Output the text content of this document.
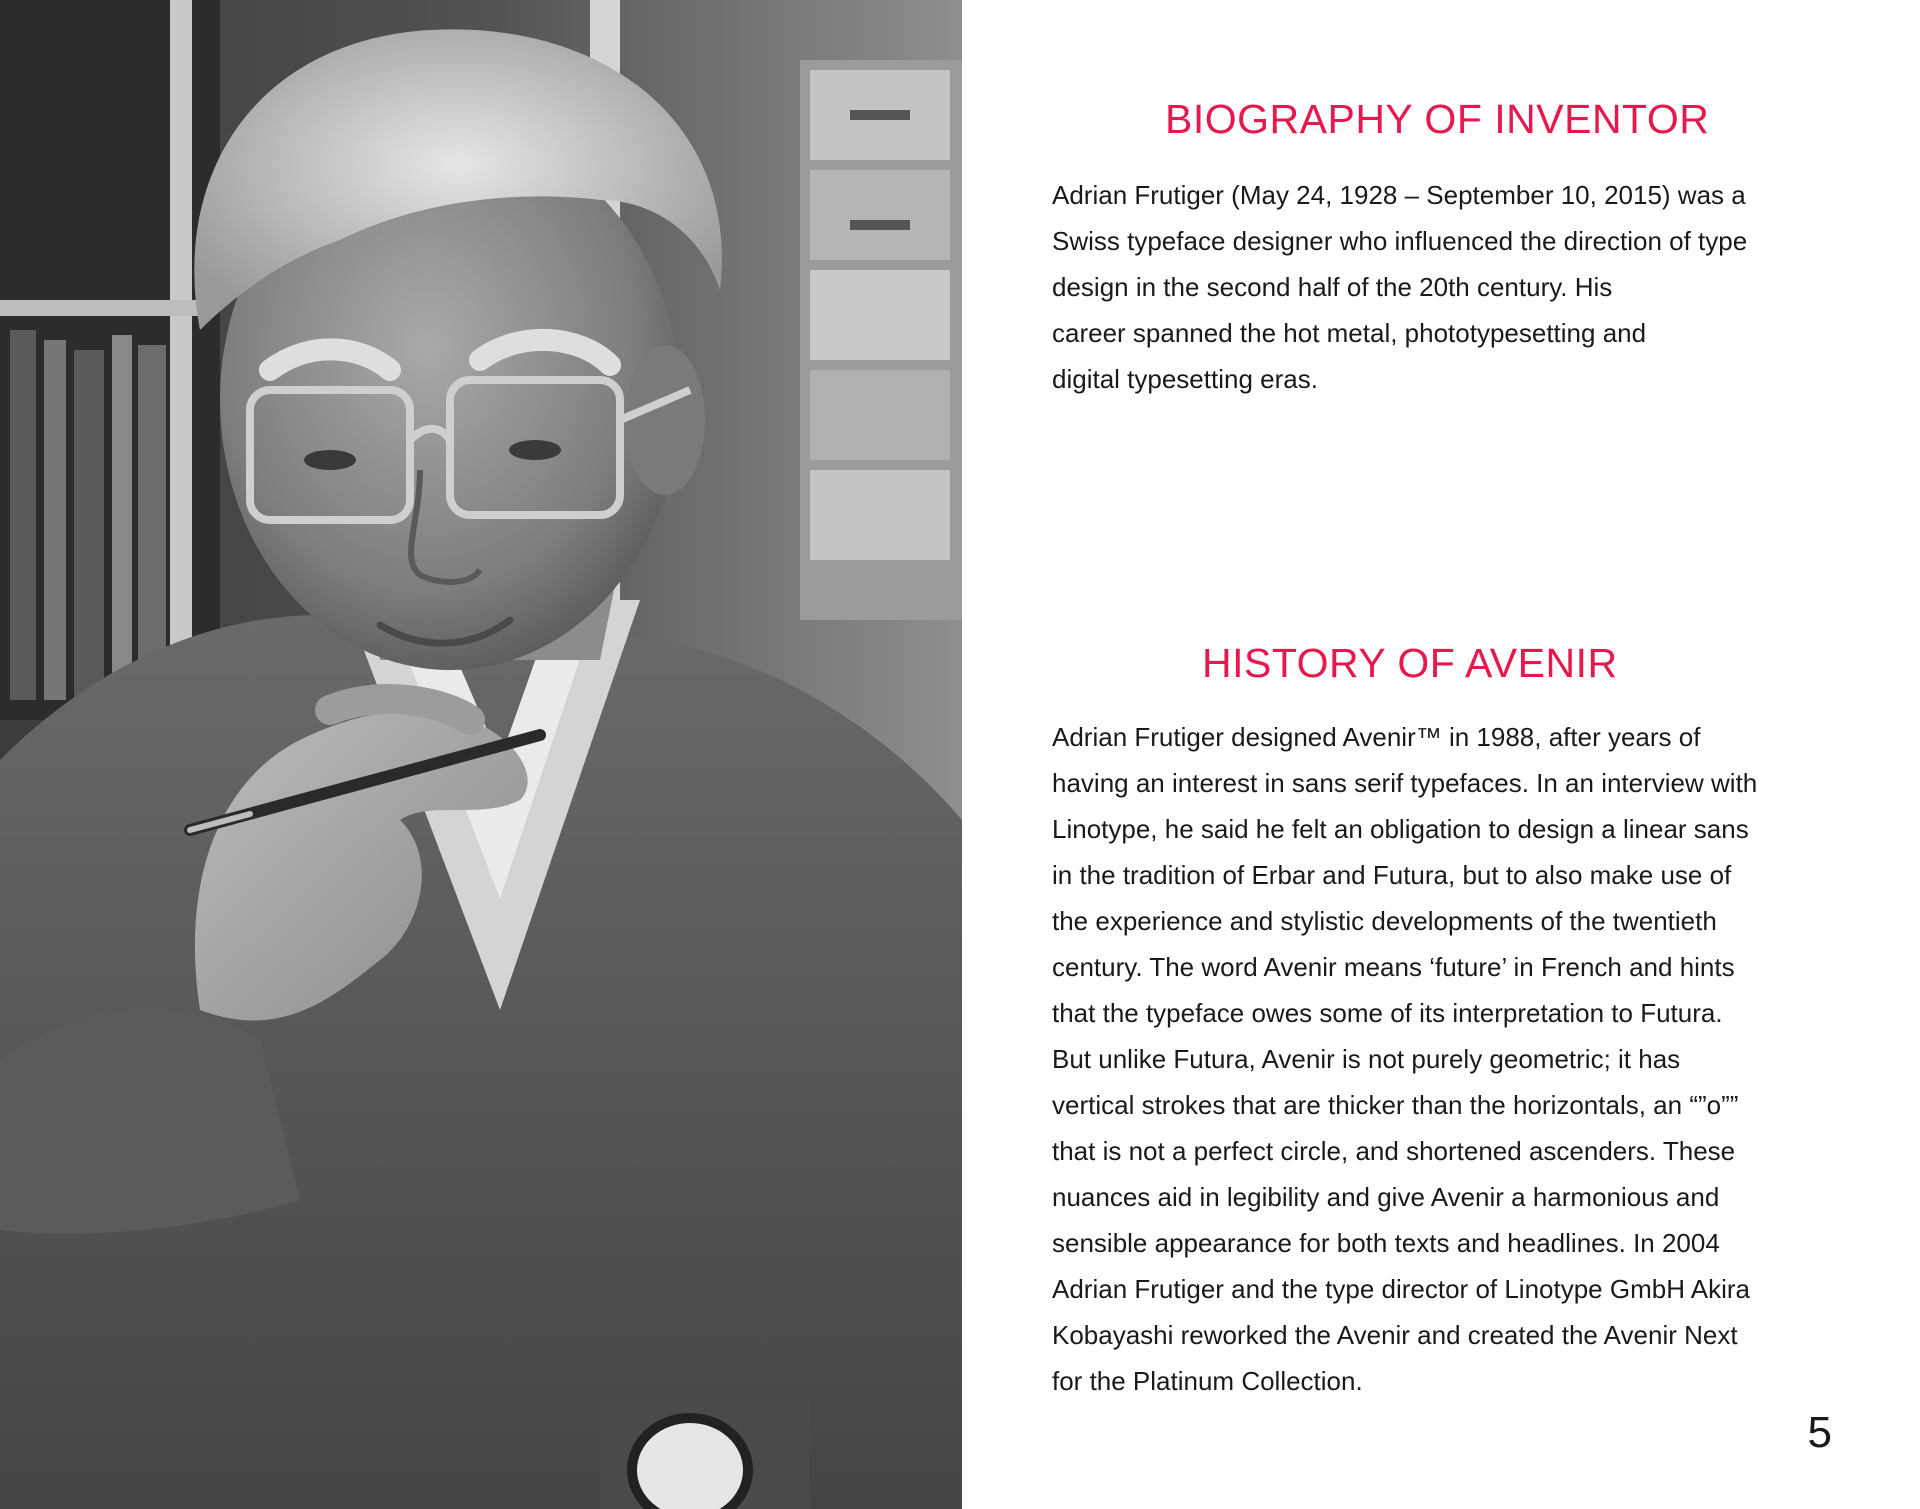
BIOGRAPHY OF INVENTOR

Adrian Frutiger (May 24, 1928 – September 10, 2015) was a
Swiss typeface designer who influenced the direction of type
design in the second half of the 20th century. His
career spanned the hot metal, phototypesetting and
digital typesetting eras.

HISTORY OF AVENIR

Adrian Frutiger designed Avenir™ in 1988, after years of
having an interest in sans serif typefaces. In an interview with
Linotype, he said he felt an obligation to design a linear sans
in the tradition of Erbar and Futura, but to also make use of
the experience and stylistic developments of the twentieth
century. The word Avenir means ‘future’ in French and hints
that the typeface owes some of its interpretation to Futura.
But unlike Futura, Avenir is not purely geometric; it has
vertical strokes that are thicker than the horizontals, an “”o””
that is not a perfect circle, and shortened ascenders. These
nuances aid in legibility and give Avenir a harmonious and
sensible appearance for both texts and headlines. In 2004
Adrian Frutiger and the type director of Linotype GmbH Akira
Kobayashi reworked the Avenir and created the Avenir Next
for the Platinum Collection.

5
